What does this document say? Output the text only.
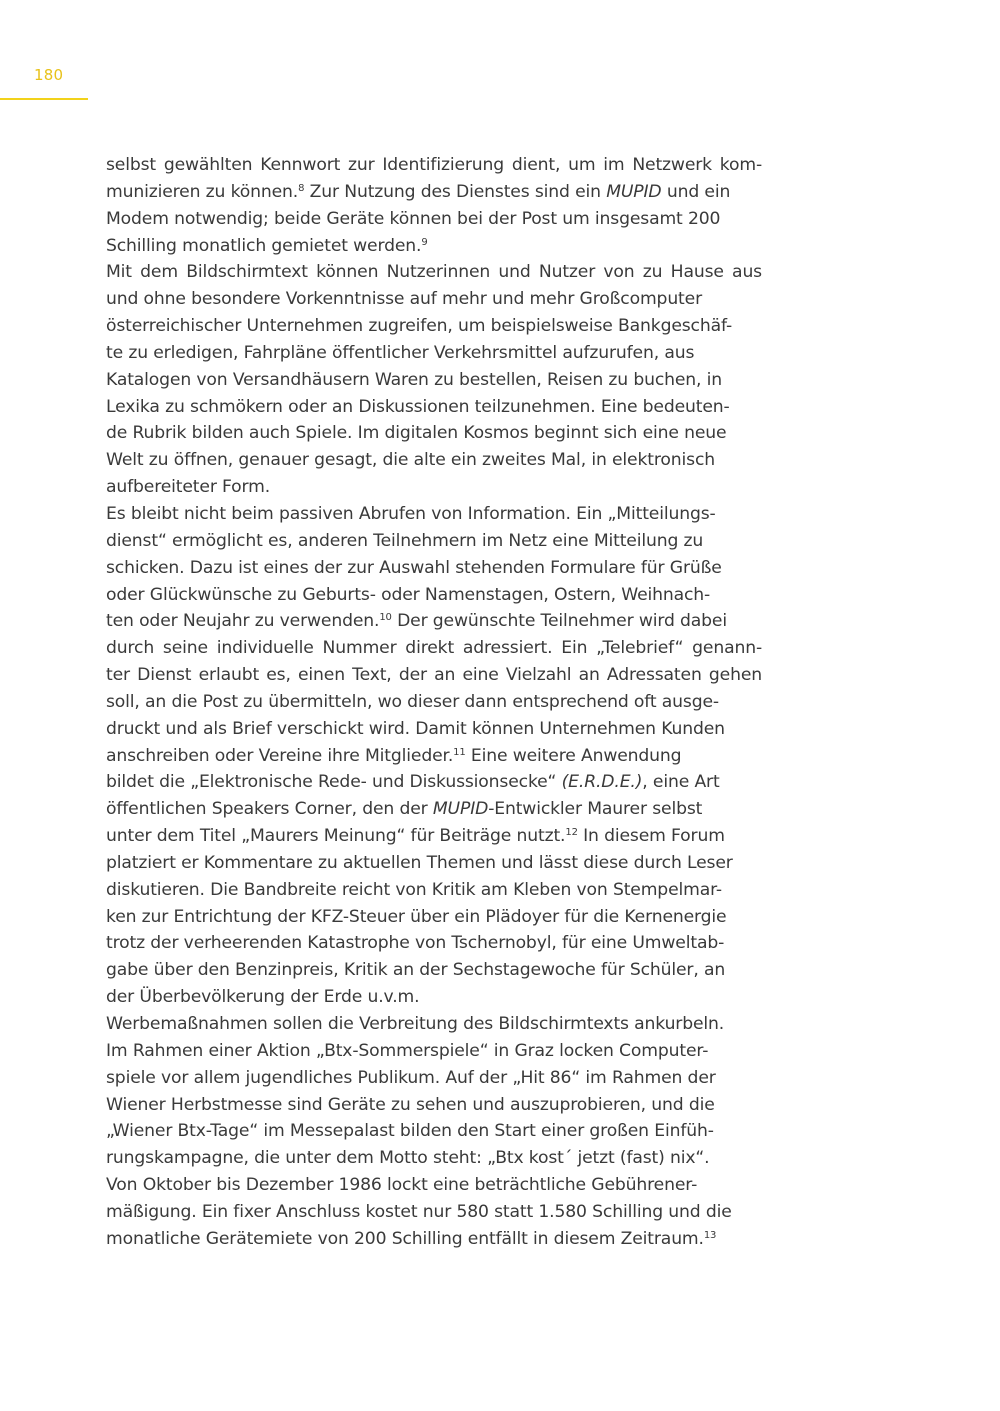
180
selbst gewählten Kennwort zur Identifizierung dient, um im Netzwerk kom-
munizieren zu können.$^8$ Zur Nutzung des Dienstes sind ein MUPID und ein
Modem notwendig; beide Geräte können bei der Post um insgesamt 200
Schilling monatlich gemietet werden.$^9$
Mit dem Bildschirmtext können Nutzerinnen und Nutzer von zu Hause aus
und ohne besondere Vorkenntnisse auf mehr und mehr Großcomputer
österreichischer Unternehmen zugreifen, um beispielsweise Bankgeschäf-
te zu erledigen, Fahrpläne öffentlicher Verkehrsmittel aufzurufen, aus
Katalogen von Versandhäusern Waren zu bestellen, Reisen zu buchen, in
Lexika zu schmökern oder an Diskussionen teilzunehmen. Eine bedeuten-
de Rubrik bilden auch Spiele. Im digitalen Kosmos beginnt sich eine neue
Welt zu öffnen, genauer gesagt, die alte ein zweites Mal, in elektronisch
aufbereiteter Form.
Es bleibt nicht beim passiven Abrufen von Information. Ein „Mitteilungs-
dienst“ ermöglicht es, anderen Teilnehmern im Netz eine Mitteilung zu
schicken. Dazu ist eines der zur Auswahl stehenden Formulare für Grüße
oder Glückwünsche zu Geburts- oder Namenstagen, Ostern, Weihnach-
ten oder Neujahr zu verwenden.$^{10}$ Der gewünschte Teilnehmer wird dabei
durch seine individuelle Nummer direkt adressiert. Ein „Telebrief“ genann-
ter Dienst erlaubt es, einen Text, der an eine Vielzahl an Adressaten gehen
soll, an die Post zu übermitteln, wo dieser dann entsprechend oft ausge-
druckt und als Brief verschickt wird. Damit können Unternehmen Kunden
anschreiben oder Vereine ihre Mitglieder.$^{11}$ Eine weitere Anwendung
bildet die „Elektronische Rede- und Diskussionsecke“ (E.R.D.E.), eine Art
öffentlichen Speakers Corner, den der MUPID-Entwickler Maurer selbst
unter dem Titel „Maurers Meinung“ für Beiträge nutzt.$^{12}$ In diesem Forum
platziert er Kommentare zu aktuellen Themen und lässt diese durch Leser
diskutieren. Die Bandbreite reicht von Kritik am Kleben von Stempelmar-
ken zur Entrichtung der KFZ-Steuer über ein Plädoyer für die Kernenergie
trotz der verheerenden Katastrophe von Tschernobyl, für eine Umweltab-
gabe über den Benzinpreis, Kritik an der Sechstagewoche für Schüler, an
der Überbevölkerung der Erde u.v.m.
Werbemaßnahmen sollen die Verbreitung des Bildschirmtexts ankurbeln.
Im Rahmen einer Aktion „Btx-Sommerspiele“ in Graz locken Computer-
spiele vor allem jugendliches Publikum. Auf der „Hit 86“ im Rahmen der
Wiener Herbstmesse sind Geräte zu sehen und auszuprobieren, und die
„Wiener Btx-Tage“ im Messepalast bilden den Start einer großen Einfüh-
rungskampagne, die unter dem Motto steht: „Btx kost´ jetzt (fast) nix“.
Von Oktober bis Dezember 1986 lockt eine beträchtliche Gebührener-
mäßigung. Ein fixer Anschluss kostet nur 580 statt 1.580 Schilling und die
monatliche Gerätemiete von 200 Schilling entfällt in diesem Zeitraum.$^{13}$
